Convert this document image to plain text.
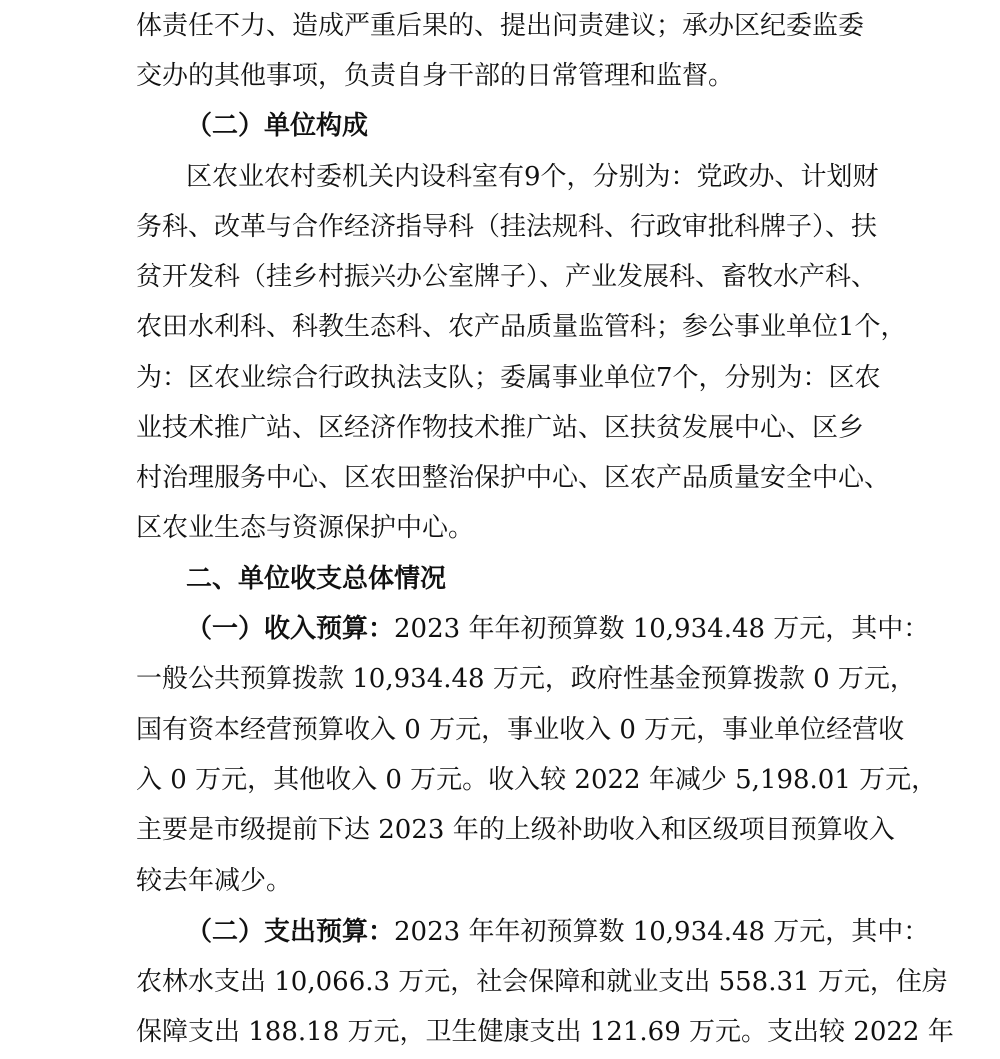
体责任不力、造成严重后果的、提出问责建议；承办区纪委监委
交办的其他事项，负责自身干部的日常管理和监督。
（二）单位构成
区农业农村委机关内设科室有9个，分别为：党政办、计划财
务科、改革与合作经济指导科（挂法规科、行政审批科牌子）、扶
贫开发科（挂乡村振兴办公室牌子）、产业发展科、畜牧水产科、
农田水利科、科教生态科、农产品质量监管科；参公事业单位1个，
为：区农业综合行政执法支队；委属事业单位7个，分别为：区农
业技术推广站、区经济作物技术推广站、区扶贫发展中心、区乡
村治理服务中心、区农田整治保护中心、区农产品质量安全中心、
区农业生态与资源保护中心。
二、单位收支总体情况
（一）收入预算：2023 年年初预算数 10,934.48 万元，其中：
一般公共预算拨款 10,934.48 万元，政府性基金预算拨款 0 万元，
国有资本经营预算收入 0 万元，事业收入 0 万元，事业单位经营收
入 0 万元，其他收入 0 万元。收入较 2022 年减少 5,198.01 万元，
主要是市级提前下达 2023 年的上级补助收入和区级项目预算收入
较去年减少。
（二）支出预算：2023 年年初预算数 10,934.48 万元，其中：
农林水支出 10,066.3 万元，社会保障和就业支出 558.31 万元，住房
保障支出 188.18 万元，卫生健康支出 121.69 万元。支出较 2022 年
